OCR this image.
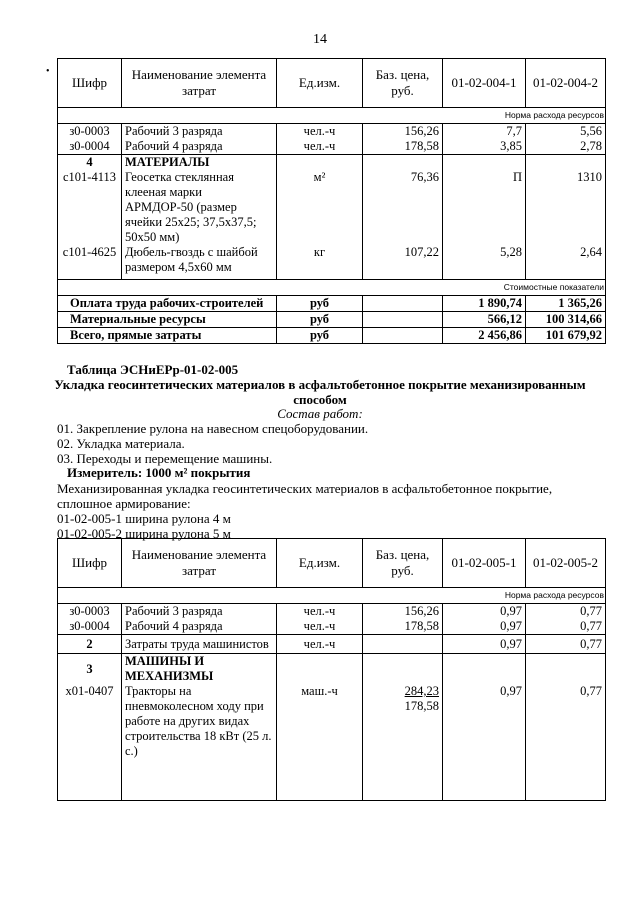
14
•
Шифр	Наименование элемента затрат	Ед.изм.	Баз. цена, руб.	01-02-004-1	01-02-004-2
Норма расхода ресурсов					
з0-0003	Рабочий 3 разряда	чел.-ч	156,26	7,7	5,56
з0-0004	Рабочий 4 разряда	чел.-ч	178,58	3,85	2,78
4	МАТЕРИАЛЫ				
с101-4113	Геосетка стеклянная клееная марки АРМДОР-50 (размер ячейки 25х25; 37,5х37,5; 50х50 мм)	м²	76,36	П	1310
с101-4625	Дюбель-гвоздь с шайбой размером 4,5х60 мм	кг	107,22	5,28	2,64
Стоимостные показатели					
Оплата труда рабочих-строителей		руб		1 890,74	1 365,26
Материальные ресурсы		руб		566,12	100 314,66
Всего, прямые затраты		руб		2 456,86	101 679,92
Таблица ЭСНиЕРр-01-02-005
Укладка геосинтетических материалов в асфальтобетонное покрытие механизированным
способом
Состав работ:
01. Закрепление рулона на навесном спецоборудовании.
02. Укладка материала.
03. Переходы и перемещение машины.
Измеритель: 1000 м² покрытия
Механизированная укладка геосинтетических материалов в асфальтобетонное покрытие,
сплошное армирование:
01-02-005-1 ширина рулона 4 м
01-02-005-2 ширина рулона 5 м
Шифр	Наименование элемента затрат	Ед.изм.	Баз. цена, руб.	01-02-005-1	01-02-005-2
Норма расхода ресурсов					
з0-0003	Рабочий 3 разряда	чел.-ч	156,26	0,97	0,77
з0-0004	Рабочий 4 разряда	чел.-ч	178,58	0,97	0,77
2	Затраты труда машинистов	чел.-ч		0,97	0,77
3	МАШИНЫ И МЕХАНИЗМЫ				
х01-0407	Тракторы на пневмоколесном ходу при работе на других видах строительства 18 кВт (25 л. с.)	маш.-ч	284,23
178,58	0,97	0,77
